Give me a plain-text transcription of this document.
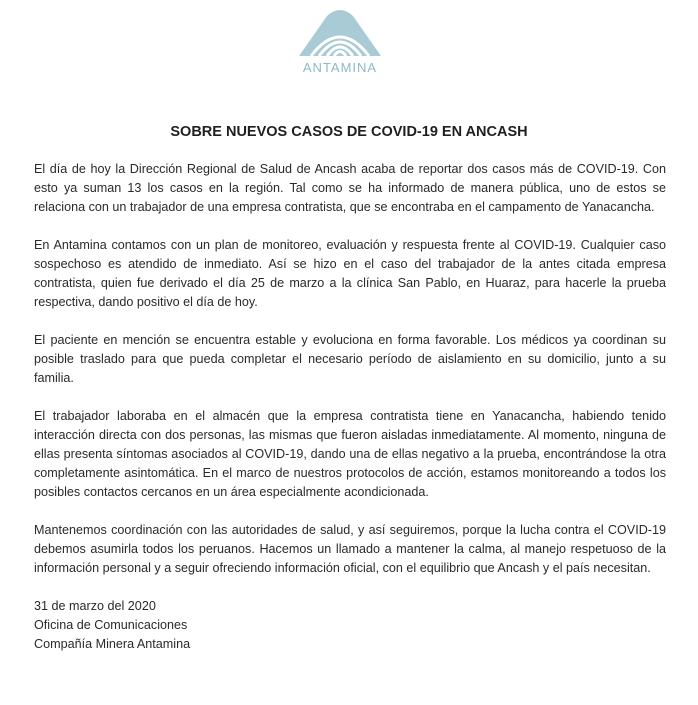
ANTAMINA
SOBRE NUEVOS CASOS DE COVID-19 EN ANCASH

El día de hoy la Dirección Regional de Salud de Ancash acaba de reportar dos casos más de COVID-19. Con esto ya suman 13 los casos en la región. Tal como se ha informado de manera pública, uno de estos se relaciona con un trabajador de una empresa contratista, que se encontraba en el campamento de Yanacancha.

En Antamina contamos con un plan de monitoreo, evaluación y respuesta frente al COVID-19. Cualquier caso sospechoso es atendido de inmediato. Así se hizo en el caso del trabajador de la antes citada empresa contratista, quien fue derivado el día 25 de marzo a la clínica San Pablo, en Huaraz, para hacerle la prueba respectiva, dando positivo el día de hoy.

El paciente en mención se encuentra estable y evoluciona en forma favorable. Los médicos ya coordinan su posible traslado para que pueda completar el necesario período de aislamiento en su domicilio, junto a su familia.

El trabajador laboraba en el almacén que la empresa contratista tiene en Yanacancha, habiendo tenido interacción directa con dos personas, las mismas que fueron aisladas inmediatamente. Al momento, ninguna de ellas presenta síntomas asociados al COVID-19, dando una de ellas negativo a la prueba, encontrándose la otra completamente asintomática. En el marco de nuestros protocolos de acción, estamos monitoreando a todos los posibles contactos cercanos en un área especialmente acondicionada.

Mantenemos coordinación con las autoridades de salud, y así seguiremos, porque la lucha contra el COVID-19 debemos asumirla todos los peruanos. Hacemos un llamado a mantener la calma, al manejo respetuoso de la información personal y a seguir ofreciendo información oficial, con el equilibrio que Ancash y el país necesitan.

31 de marzo del 2020
Oficina de Comunicaciones
Compañía Minera Antamina
